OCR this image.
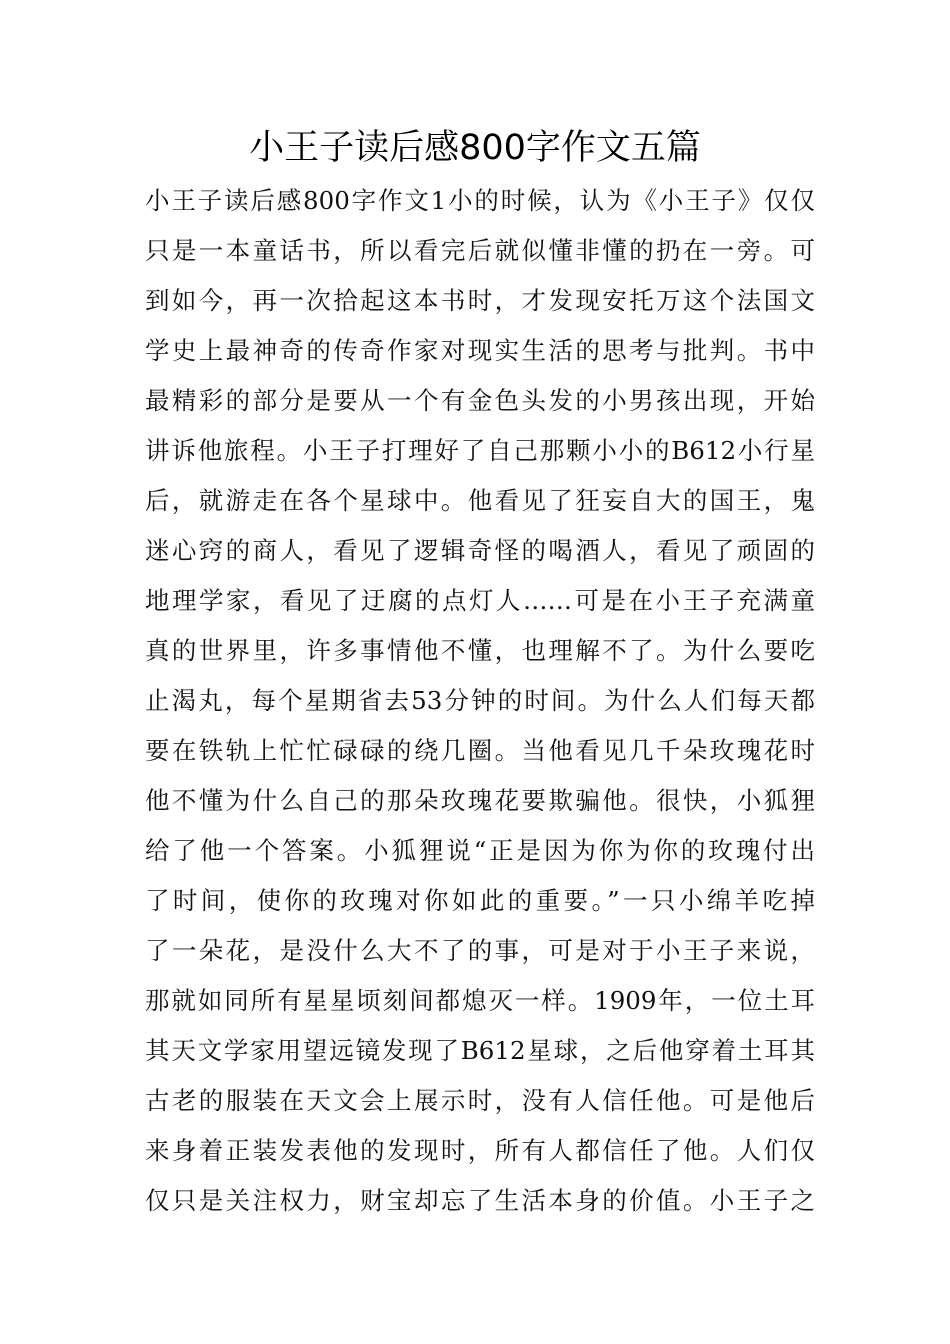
小王子读后感800字作文五篇
小王子读后感800字作文1小的时候，认为《小王子》仅仅
只是一本童话书，所以看完后就似懂非懂的扔在一旁。可
到如今，再一次拾起这本书时，才发现安托万这个法国文
学史上最神奇的传奇作家对现实生活的思考与批判。书中
最精彩的部分是要从一个有金色头发的小男孩出现，开始
讲诉他旅程。小王子打理好了自己那颗小小的B612小行星
后，就游走在各个星球中。他看见了狂妄自大的国王，鬼
迷心窍的商人，看见了逻辑奇怪的喝酒人，看见了顽固的
地理学家，看见了迂腐的点灯人……可是在小王子充满童
真的世界里，许多事情他不懂，也理解不了。为什么要吃
止渴丸，每个星期省去53分钟的时间。为什么人们每天都
要在铁轨上忙忙碌碌的绕几圈。当他看见几千朵玫瑰花时
他不懂为什么自己的那朵玫瑰花要欺骗他。很快，小狐狸
给了他一个答案。小狐狸说“正是因为你为你的玫瑰付出
了时间，使你的玫瑰对你如此的重要。”一只小绵羊吃掉
了一朵花，是没什么大不了的事，可是对于小王子来说，
那就如同所有星星顷刻间都熄灭一样。1909年，一位土耳
其天文学家用望远镜发现了B612星球，之后他穿着土耳其
古老的服装在天文会上展示时，没有人信任他。可是他后
来身着正装发表他的发现时，所有人都信任了他。人们仅
仅只是关注权力，财宝却忘了生活本身的价值。小王子之
